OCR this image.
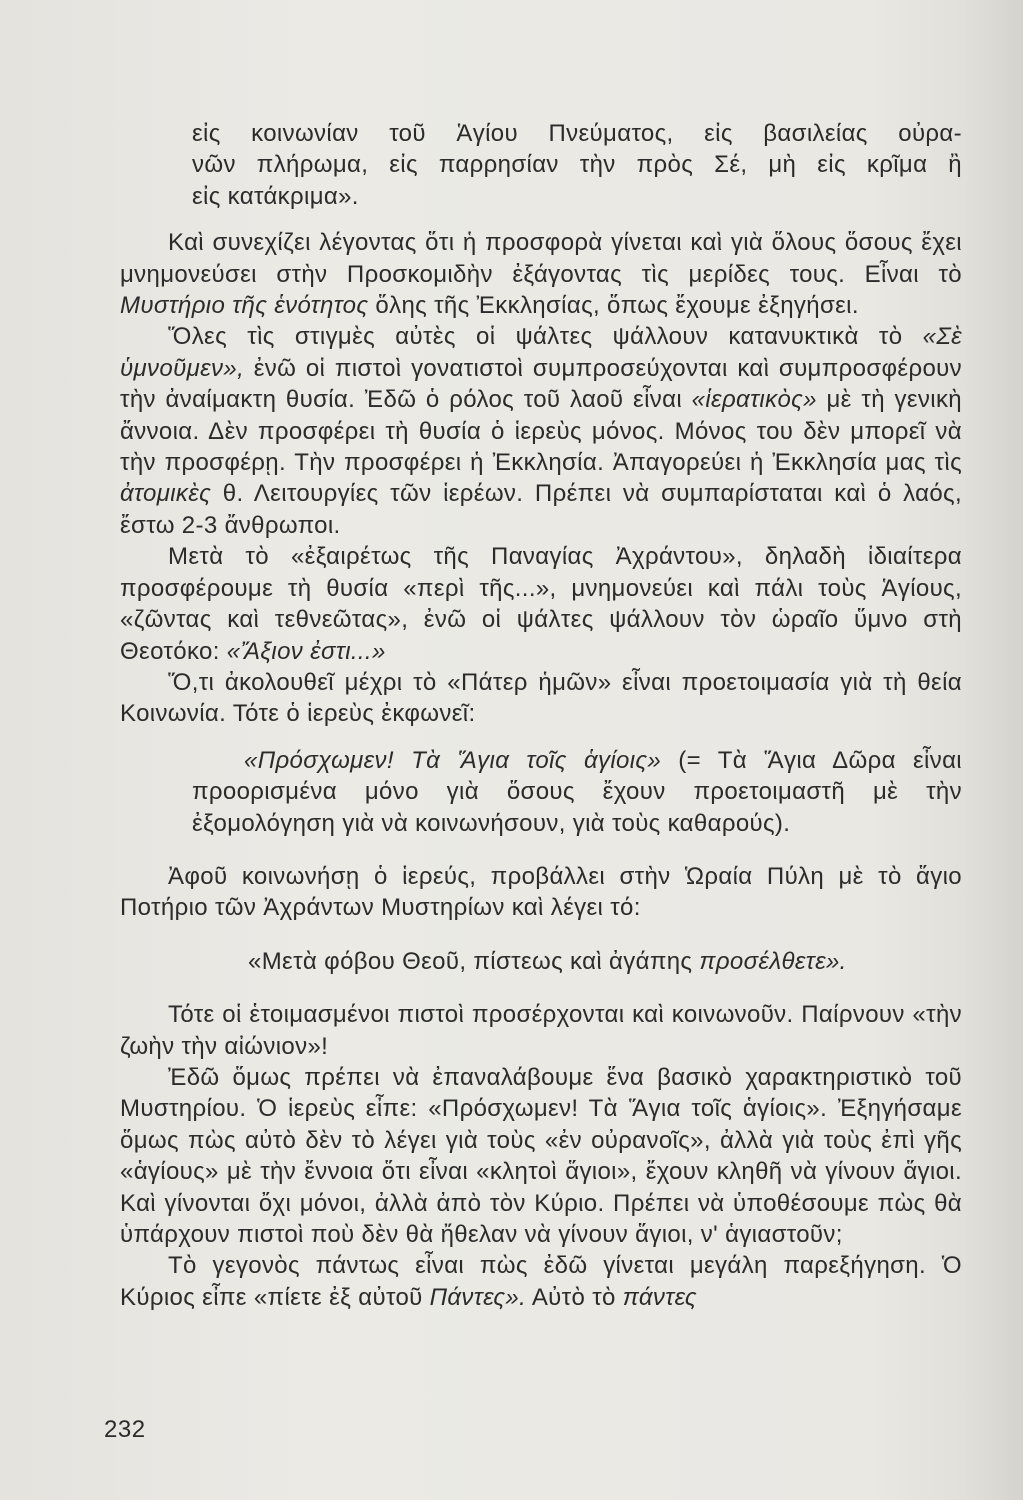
εἰς κοινωνίαν τοῦ Ἁγίου Πνεύματος, εἰς βασιλείας οὐρα-
νῶν πλήρωμα, εἰς παρρησίαν τὴν πρὸς Σέ, μὴ εἰς κρῖμα ἢ
εἰς κατάκριμα».

Καὶ συνεχίζει λέγοντας ὅτι ἡ προσφορὰ γίνεται καὶ γιὰ ὅλους ὅσους ἔχει μνημονεύσει στὴν Προσκομιδὴν ἐξάγοντας τὶς μερίδες τους. Εἶναι τὸ Μυστήριο τῆς ἑνότητος ὅλης τῆς Ἐκκλησίας, ὅπως ἔχουμε ἐξηγήσει.

Ὅλες τὶς στιγμὲς αὐτὲς οἱ ψάλτες ψάλλουν κατανυκτικὰ τὸ «Σὲ ὑμνοῦμεν», ἐνῶ οἱ πιστοὶ γονατιστοὶ συμπροσεύχονται καὶ συμπροσφέρουν τὴν ἀναίμακτη θυσία. Ἐδῶ ὁ ρόλος τοῦ λαοῦ εἶναι «ἱερατικὸς» μὲ τὴ γενικὴ ἄννοια. Δὲν προσφέρει τὴ θυσία ὁ ἱερεὺς μόνος. Μόνος του δὲν μπορεῖ νὰ τὴν προσφέρῃ. Τὴν προσφέρει ἡ Ἐκκλησία. Ἀπαγορεύει ἡ Ἐκκλησία μας τὶς ἀτομικὲς θ. Λειτουργίες τῶν ἱερέων. Πρέπει νὰ συμπαρίσταται καὶ ὁ λαός, ἔστω 2-3 ἄνθρωποι.

Μετὰ τὸ «ἐξαιρέτως τῆς Παναγίας Ἀχράντου», δηλαδὴ ἰδιαίτερα προσφέρουμε τὴ θυσία «περὶ τῆς...», μνημονεύει καὶ πάλι τοὺς Ἁγίους, «ζῶντας καὶ τεθνεῶτας», ἐνῶ οἱ ψάλτες ψάλλουν τὸν ὡραῖο ὕμνο στὴ Θεοτόκο: «Ἄξιον ἐστι...»

Ὅ,τι ἀκολουθεῖ μέχρι τὸ «Πάτερ ἡμῶν» εἶναι προετοιμασία γιὰ τὴ θεία Κοινωνία. Τότε ὁ ἱερεὺς ἐκφωνεῖ:

«Πρόσχωμεν! Τὰ Ἅγια τοῖς ἁγίοις» (= Τὰ Ἅγια Δῶρα εἶναι προορισμένα μόνο γιὰ ὅσους ἔχουν προετοιμαστῆ μὲ τὴν ἐξομολόγηση γιὰ νὰ κοινωνήσουν, γιὰ τοὺς καθαρούς).

Ἀφοῦ κοινωνήσῃ ὁ ἱερεύς, προβάλλει στὴν Ὡραία Πύλη μὲ τὸ ἅγιο Ποτήριο τῶν Ἀχράντων Μυστηρίων καὶ λέγει τό:

«Μετὰ φόβου Θεοῦ, πίστεως καὶ ἀγάπης προσέλθετε».

Τότε οἱ ἑτοιμασμένοι πιστοὶ προσέρχονται καὶ κοινωνοῦν. Παίρνουν «τὴν ζωὴν τὴν αἰώνιον»!

Ἐδῶ ὅμως πρέπει νὰ ἐπαναλάβουμε ἕνα βασικὸ χαρακτηριστικὸ τοῦ Μυστηρίου. Ὁ ἱερεὺς εἶπε: «Πρόσχωμεν! Τὰ Ἅγια τοῖς ἁγίοις». Ἐξηγήσαμε ὅμως πὼς αὐτὸ δὲν τὸ λέγει γιὰ τοὺς «ἐν οὐρανοῖς», ἀλλὰ γιὰ τοὺς ἐπὶ γῆς «ἁγίους» μὲ τὴν ἔννοια ὅτι εἶναι «κλητοὶ ἅγιοι», ἔχουν κληθῆ νὰ γίνουν ἅγιοι. Καὶ γίνονται ὄχι μόνοι, ἀλλὰ ἀπὸ τὸν Κύριο. Πρέπει νὰ ὑποθέσουμε πὼς θὰ ὑπάρχουν πιστοὶ ποὺ δὲν θὰ ἤθελαν νὰ γίνουν ἅγιοι, ν' ἁγιαστοῦν;

Τὸ γεγονὸς πάντως εἶναι πὼς ἐδῶ γίνεται μεγάλη παρεξήγηση. Ὁ Κύριος εἶπε «πίετε ἐξ αὐτοῦ Πάντες». Αὐτὸ τὸ πάντες

232
